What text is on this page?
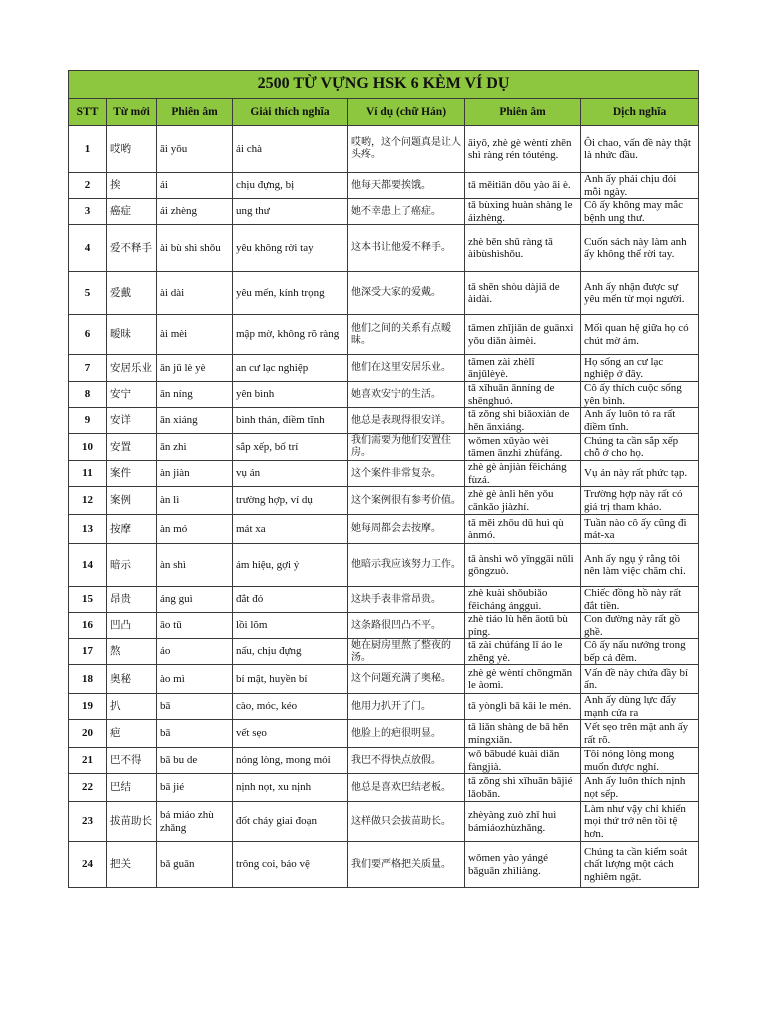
2500 TỪ VỰNG HSK 6 KÈM VÍ DỤ						
STT	Từ mới	Phiên âm	Giải thích nghĩa	Ví dụ (chữ Hán)	Phiên âm	Dịch nghĩa
1	哎哟	āi yōu	ái chà	哎哟，这个问题真是让人头疼。	āiyō, zhè gè wèntí zhēn shì ràng rén tóuténg.	Ôi chao, vấn đề này thật là nhức đầu.
2	挨	ái	chịu đựng, bị	他每天都要挨饿。	tā měitiān dōu yào āi è.	Anh ấy phải chịu đói mỗi ngày.
3	癌症	ái zhèng	ung thư	她不幸患上了癌症。	tā bùxìng huàn shàng le áizhèng.	Cô ấy không may mắc bệnh ung thư.
4	爱不释手	ài bù shì shǒu	yêu không rời tay	这本书让他爱不释手。	zhè běn shū ràng tā àibùshìshǒu.	Cuốn sách này làm anh ấy không thể rời tay.
5	爱戴	ài dài	yêu mến, kính trọng	他深受大家的爱戴。	tā shēn shòu dàjiā de àidài.	Anh ấy nhận được sự yêu mến từ mọi người.
6	暧昧	ài mèi	mập mờ, không rõ ràng	他们之间的关系有点暧昧。	tāmen zhījiān de guānxì yǒu diǎn àimèi.	Mối quan hệ giữa họ có chút mờ ám.
7	安居乐业	ān jū lè yè	an cư lạc nghiệp	他们在这里安居乐业。	tāmen zài zhèlǐ ānjūlèyè.	Họ sống an cư lạc nghiệp ở đây.
8	安宁	ān níng	yên bình	她喜欢安宁的生活。	tā xǐhuān ānníng de shēnghuó.	Cô ấy thích cuộc sống yên bình.
9	安详	ān xiáng	bình thản, điềm tĩnh	他总是表现得很安详。	tā zǒng shì biǎoxiàn de hěn ānxiáng.	Anh ấy luôn tỏ ra rất điềm tĩnh.
10	安置	ān zhì	sắp xếp, bố trí	我们需要为他们安置住房。	wǒmen xūyào wèi tāmen ānzhì zhùfáng.	Chúng ta cần sắp xếp chỗ ở cho họ.
11	案件	àn jiàn	vụ án	这个案件非常复杂。	zhè gè ànjiàn fēicháng fùzá.	Vụ án này rất phức tạp.
12	案例	àn lì	trường hợp, ví dụ	这个案例很有参考价值。	zhè gè ànlì hěn yǒu cānkǎo jiàzhí.	Trường hợp này rất có giá trị tham khảo.
13	按摩	àn mó	mát xa	她每周都会去按摩。	tā měi zhōu dū huì qù ànmó.	Tuần nào cô ấy cũng đi mát-xa
14	暗示	àn shì	ám hiệu, gợi ý	他暗示我应该努力工作。	tā ànshì wǒ yīnggāi nǔlì gōngzuò.	Anh ấy ngụ ý rằng tôi nên làm việc chăm chỉ.
15	昂贵	áng guì	đắt đỏ	这块手表非常昂贵。	zhè kuài shǒubiǎo fēicháng ángguì.	Chiếc đồng hồ này rất đắt tiền.
16	凹凸	āo tū	lồi lõm	这条路很凹凸不平。	zhè tiáo lù hěn āotū bù píng.	Con đường này rất gồ ghề.
17	熬	áo	nấu, chịu đựng	她在厨房里熬了整夜的汤。	tā zài chúfáng lǐ áo le zhěng yè.	Cô ấy nấu nướng trong bếp cả đêm.
18	奥秘	ào mì	bí mật, huyền bí	这个问题充满了奥秘。	zhè gè wèntí chōngmǎn le àomì.	Vấn đề này chứa đầy bí ẩn.
19	扒	bā	cào, móc, kéo	他用力扒开了门。	tā yònglì bā kāi le mén.	Anh ấy dùng lực đẩy mạnh cửa ra
20	疤	bā	vết sẹo	他脸上的疤很明显。	tā liǎn shàng de bā hěn míngxiǎn.	Vết sẹo trên mặt anh ấy rất rõ.
21	巴不得	bā bu de	nóng lòng, mong mỏi	我巴不得快点放假。	wǒ bābudé kuài diǎn fàngjià.	Tôi nóng lòng mong muốn được nghỉ.
22	巴结	bā jié	nịnh nọt, xu nịnh	他总是喜欢巴结老板。	tā zǒng shì xǐhuān bājié lǎobǎn.	Anh ấy luôn thích nịnh nọt sếp.
23	拔苗助长	bá miáo zhù zhǎng	đốt cháy giai đoạn	这样做只会拔苗助长。	zhèyàng zuò zhǐ huì bámiáozhùzhǎng.	Làm như vậy chỉ khiến mọi thứ trở nên tồi tệ hơn.
24	把关	bǎ guān	trông coi, bảo vệ	我们要严格把关质量。	wǒmen yào yángé bǎguān zhìliàng.	Chúng ta cần kiểm soát chất lượng một cách nghiêm ngặt.
